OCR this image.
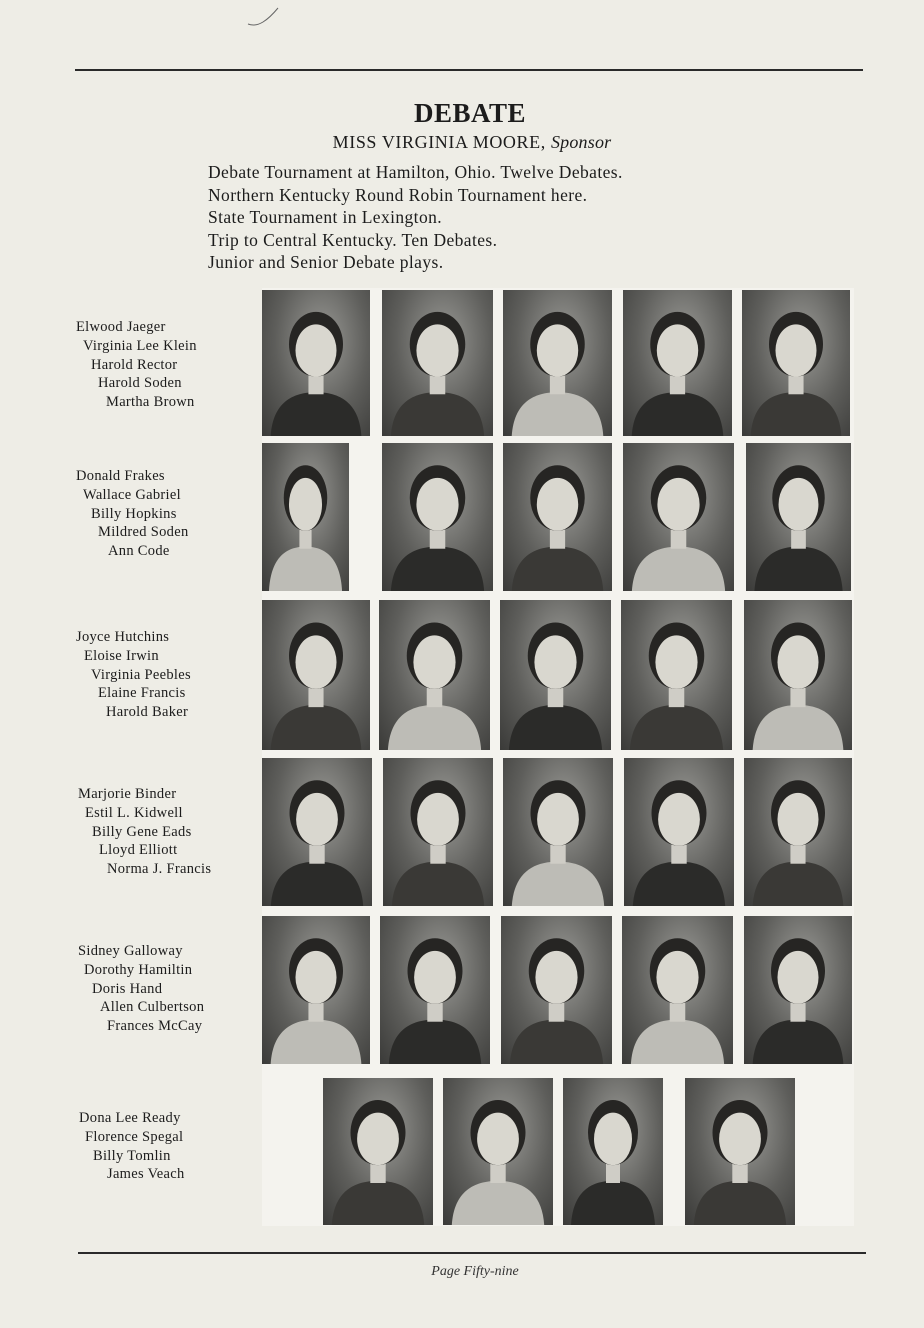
DEBATE
MISS VIRGINIA MOORE, Sponsor
Debate Tournament at Hamilton, Ohio. Twelve Debates.
Northern Kentucky Round Robin Tournament here.
State Tournament in Lexington.
Trip to Central Kentucky. Ten Debates.
Junior and Senior Debate plays.
Elwood Jaeger
Virginia Lee Klein
Harold Rector
Harold Soden
Martha Brown
Donald Frakes
Wallace Gabriel
Billy Hopkins
Mildred Soden
Ann Code
Joyce Hutchins
Eloise Irwin
Virginia Peebles
Elaine Francis
Harold Baker
Marjorie Binder
Estil L. Kidwell
Billy Gene Eads
Lloyd Elliott
Norma J. Francis
Sidney Galloway
Dorothy Hamiltin
Doris Hand
Allen Culbertson
Frances McCay
Dona Lee Ready
Florence Spegal
Billy Tomlin
James Veach
Page Fifty-nine
